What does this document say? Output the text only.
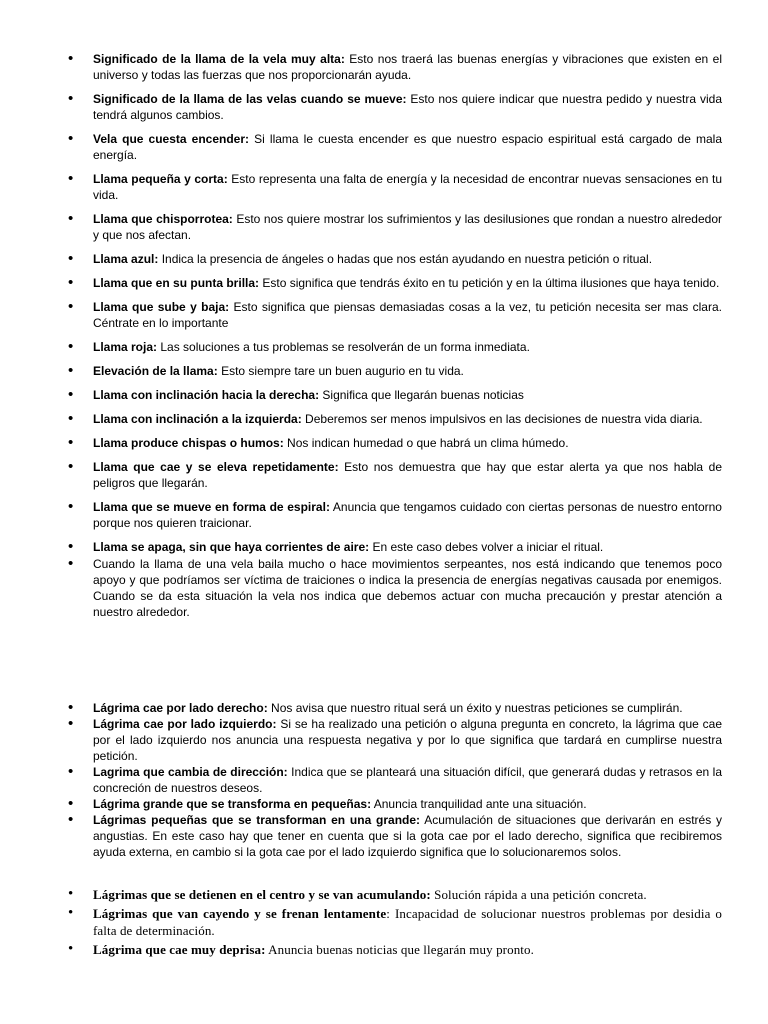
• Significado de la llama de la vela muy alta: Esto nos traerá las buenas energías y vibraciones que existen en el universo y todas las fuerzas que nos proporcionarán ayuda.
• Significado de la llama de las velas cuando se mueve: Esto nos quiere indicar que nuestra pedido y nuestra vida tendrá algunos cambios.
• Vela que cuesta encender: Si llama le cuesta encender es que nuestro espacio espiritual está cargado de mala energía.
• Llama pequeña y corta: Esto representa una falta de energía y la necesidad de encontrar nuevas sensaciones en tu vida.
• Llama que chisporrotea: Esto nos quiere mostrar los sufrimientos y las desilusiones que rondan a nuestro alrededor y que nos afectan.
• Llama azul: Indica la presencia de ángeles o hadas que nos están ayudando en nuestra petición o ritual.
• Llama que en su punta brilla: Esto significa que tendrás éxito en tu petición y en la última ilusiones que haya tenido.
• Llama que sube y baja: Esto significa que piensas demasiadas cosas a la vez, tu petición necesita ser mas clara. Céntrate en lo importante
• Llama roja: Las soluciones a tus problemas se resolverán de un forma inmediata.
• Elevación de la llama: Esto siempre tare un buen augurio en tu vida.
• Llama con inclinación hacia la derecha: Significa que llegarán buenas noticias
• Llama con inclinación a la izquierda: Deberemos ser menos impulsivos en las decisiones de nuestra vida diaria.
• Llama produce chispas o humos: Nos indican humedad o que habrá un clima húmedo.
• Llama que cae y se eleva repetidamente: Esto nos demuestra que hay que estar alerta ya que nos habla de peligros que llegarán.
• Llama que se mueve en forma de espiral: Anuncia que tengamos cuidado con ciertas personas de nuestro entorno porque nos quieren traicionar.
• Llama se apaga, sin que haya corrientes de aire: En este caso debes volver a iniciar el ritual.
• Cuando la llama de una vela baila mucho o hace movimientos serpeantes, nos está indicando que tenemos poco apoyo y que podríamos ser víctima de traiciones o indica la presencia de energías negativas causada por enemigos. Cuando se da esta situación la vela nos indica que debemos actuar con mucha precaución y prestar atención a nuestro alrededor.
• Lágrima cae por lado derecho: Nos avisa que nuestro ritual será un éxito y nuestras peticiones se cumplirán.
• Lágrima cae por lado izquierdo: Si se ha realizado una petición o alguna pregunta en concreto, la lágrima que cae por el lado izquierdo nos anuncia una respuesta negativa y por lo que significa que tardará en cumplirse nuestra petición.
• Lagrima que cambia de dirección: Indica que se planteará una situación difícil, que generará dudas y retrasos en la concreción de nuestros deseos.
• Lágrima grande que se transforma en pequeñas: Anuncia tranquilidad ante una situación.
• Lágrimas pequeñas que se transforman en una grande: Acumulación de situaciones que derivarán en estrés y angustias. En este caso hay que tener en cuenta que si la gota cae por el lado derecho, significa que recibiremos ayuda externa, en cambio si la gota cae por el lado izquierdo significa que lo solucionaremos solos.
• Lágrimas que se detienen en el centro y se van acumulando: Solución rápida a una petición concreta.
• Lágrimas que van cayendo y se frenan lentamente: Incapacidad de solucionar nuestros problemas por desidia o falta de determinación.
• Lágrima que cae muy deprisa: Anuncia buenas noticias que llegarán muy pronto.
